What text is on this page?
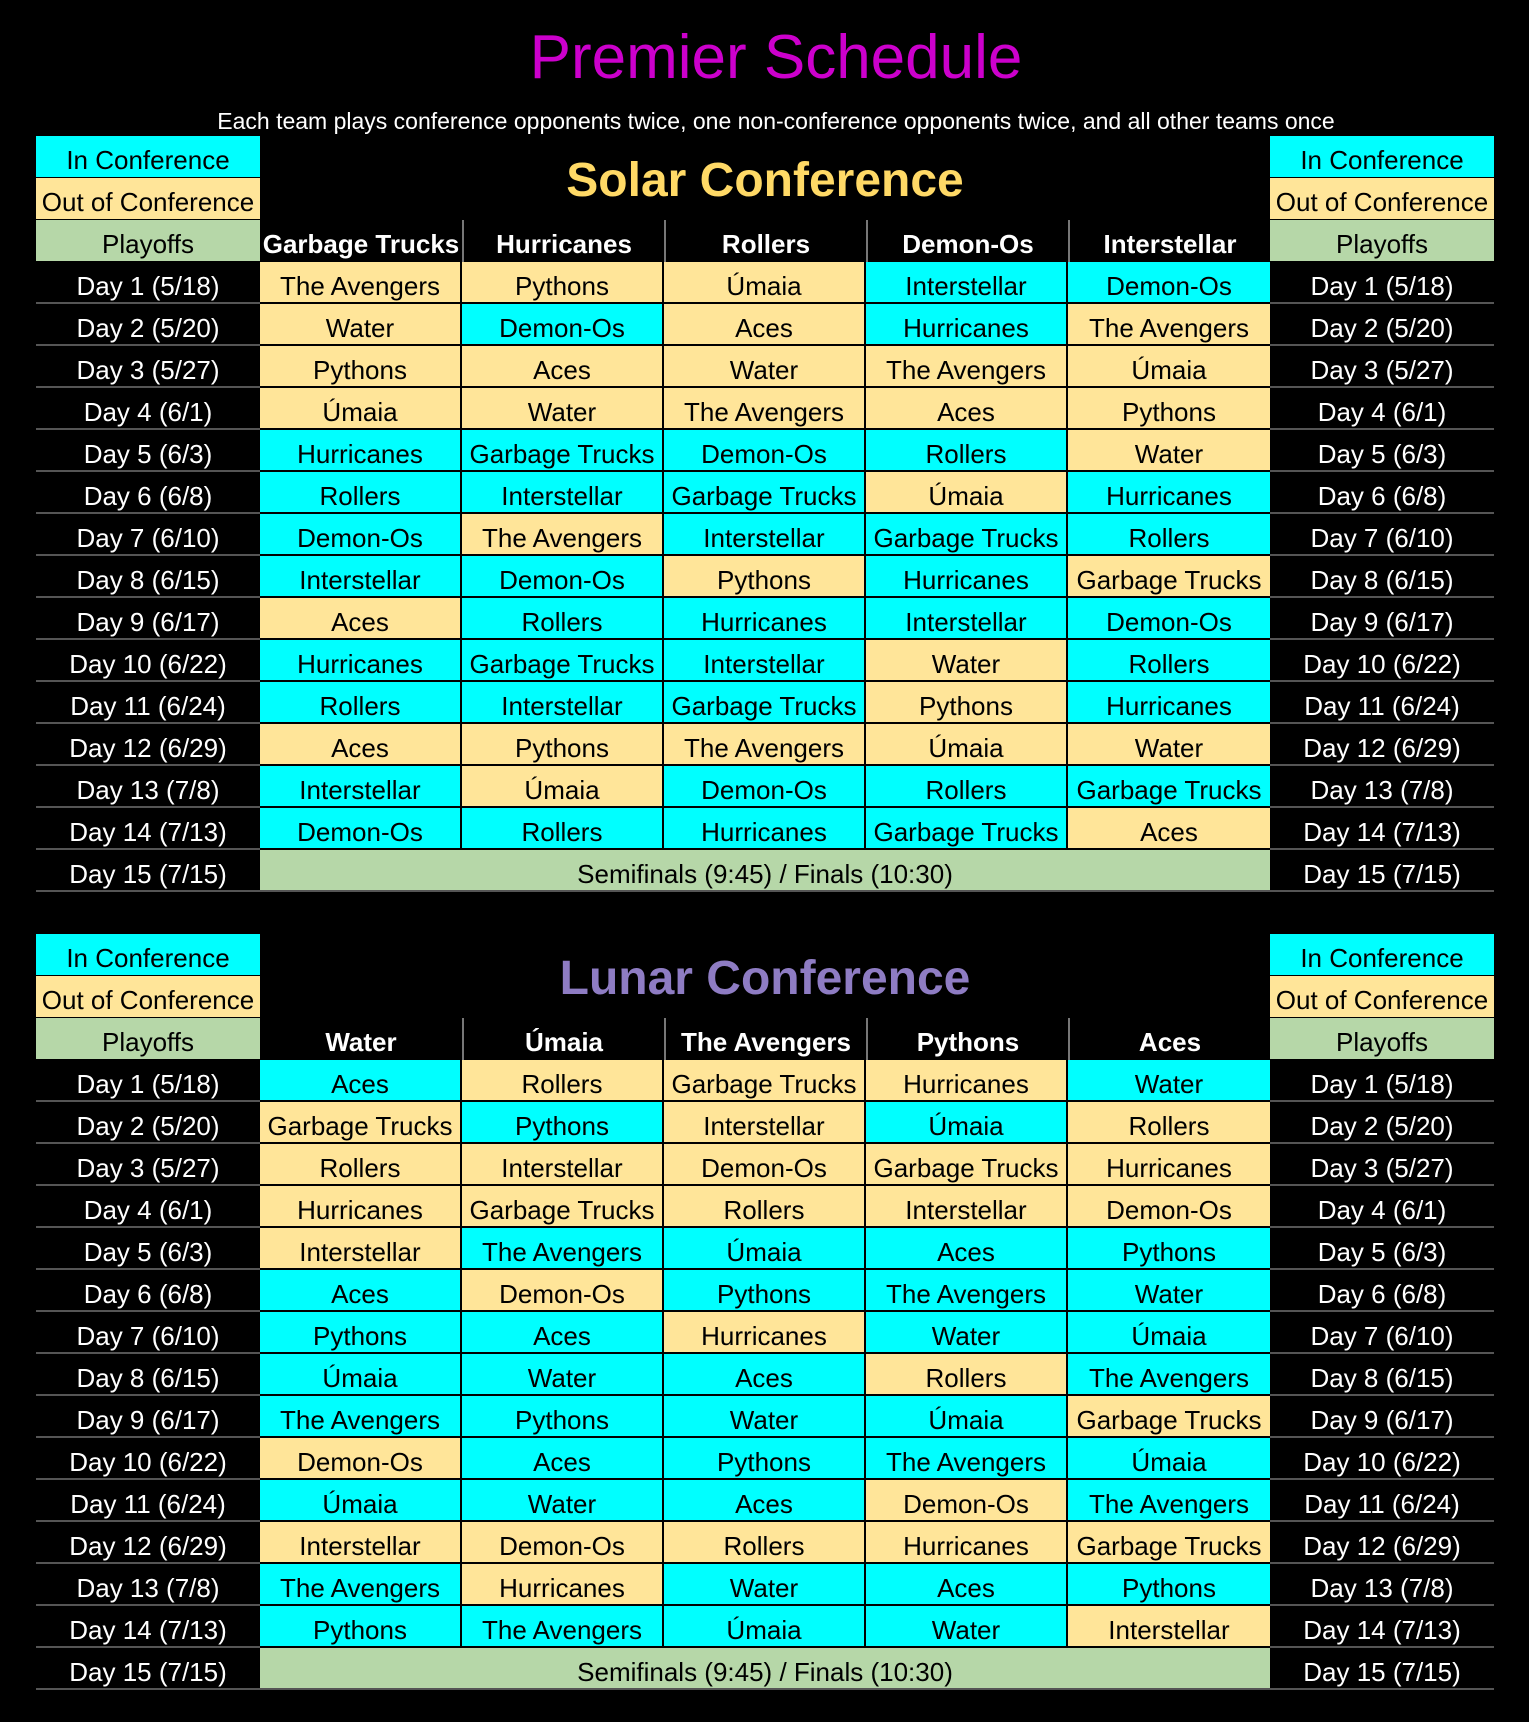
Premier Schedule
Each team plays conference opponents twice, one non-conference opponents twice, and all other teams once
In Conference
Out of Conference
Playoffs
In Conference
Out of Conference
Playoffs
Solar Conference
Garbage Trucks	Hurricanes	Rollers	Demon-Os	Interstellar
Day 1 (5/18)	The Avengers	Pythons	Úmaia	Interstellar	Demon-Os	Day 1 (5/18)
Day 2 (5/20)	Water	Demon-Os	Aces	Hurricanes	The Avengers	Day 2 (5/20)
Day 3 (5/27)	Pythons	Aces	Water	The Avengers	Úmaia	Day 3 (5/27)
Day 4 (6/1)	Úmaia	Water	The Avengers	Aces	Pythons	Day 4 (6/1)
Day 5 (6/3)	Hurricanes	Garbage Trucks	Demon-Os	Rollers	Water	Day 5 (6/3)
Day 6 (6/8)	Rollers	Interstellar	Garbage Trucks	Úmaia	Hurricanes	Day 6 (6/8)
Day 7 (6/10)	Demon-Os	The Avengers	Interstellar	Garbage Trucks	Rollers	Day 7 (6/10)
Day 8 (6/15)	Interstellar	Demon-Os	Pythons	Hurricanes	Garbage Trucks	Day 8 (6/15)
Day 9 (6/17)	Aces	Rollers	Hurricanes	Interstellar	Demon-Os	Day 9 (6/17)
Day 10 (6/22)	Hurricanes	Garbage Trucks	Interstellar	Water	Rollers	Day 10 (6/22)
Day 11 (6/24)	Rollers	Interstellar	Garbage Trucks	Pythons	Hurricanes	Day 11 (6/24)
Day 12 (6/29)	Aces	Pythons	The Avengers	Úmaia	Water	Day 12 (6/29)
Day 13 (7/8)	Interstellar	Úmaia	Demon-Os	Rollers	Garbage Trucks	Day 13 (7/8)
Day 14 (7/13)	Demon-Os	Rollers	Hurricanes	Garbage Trucks	Aces	Day 14 (7/13)
Day 15 (7/15)	Semifinals (9:45) / Finals (10:30)	Day 15 (7/15)
In Conference
Out of Conference
Playoffs
In Conference
Out of Conference
Playoffs
Lunar Conference
Water	Úmaia	The Avengers	Pythons	Aces
Day 1 (5/18)	Aces	Rollers	Garbage Trucks	Hurricanes	Water	Day 1 (5/18)
Day 2 (5/20)	Garbage Trucks	Pythons	Interstellar	Úmaia	Rollers	Day 2 (5/20)
Day 3 (5/27)	Rollers	Interstellar	Demon-Os	Garbage Trucks	Hurricanes	Day 3 (5/27)
Day 4 (6/1)	Hurricanes	Garbage Trucks	Rollers	Interstellar	Demon-Os	Day 4 (6/1)
Day 5 (6/3)	Interstellar	The Avengers	Úmaia	Aces	Pythons	Day 5 (6/3)
Day 6 (6/8)	Aces	Demon-Os	Pythons	The Avengers	Water	Day 6 (6/8)
Day 7 (6/10)	Pythons	Aces	Hurricanes	Water	Úmaia	Day 7 (6/10)
Day 8 (6/15)	Úmaia	Water	Aces	Rollers	The Avengers	Day 8 (6/15)
Day 9 (6/17)	The Avengers	Pythons	Water	Úmaia	Garbage Trucks	Day 9 (6/17)
Day 10 (6/22)	Demon-Os	Aces	Pythons	The Avengers	Úmaia	Day 10 (6/22)
Day 11 (6/24)	Úmaia	Water	Aces	Demon-Os	The Avengers	Day 11 (6/24)
Day 12 (6/29)	Interstellar	Demon-Os	Rollers	Hurricanes	Garbage Trucks	Day 12 (6/29)
Day 13 (7/8)	The Avengers	Hurricanes	Water	Aces	Pythons	Day 13 (7/8)
Day 14 (7/13)	Pythons	The Avengers	Úmaia	Water	Interstellar	Day 14 (7/13)
Day 15 (7/15)	Semifinals (9:45) / Finals (10:30)	Day 15 (7/15)
